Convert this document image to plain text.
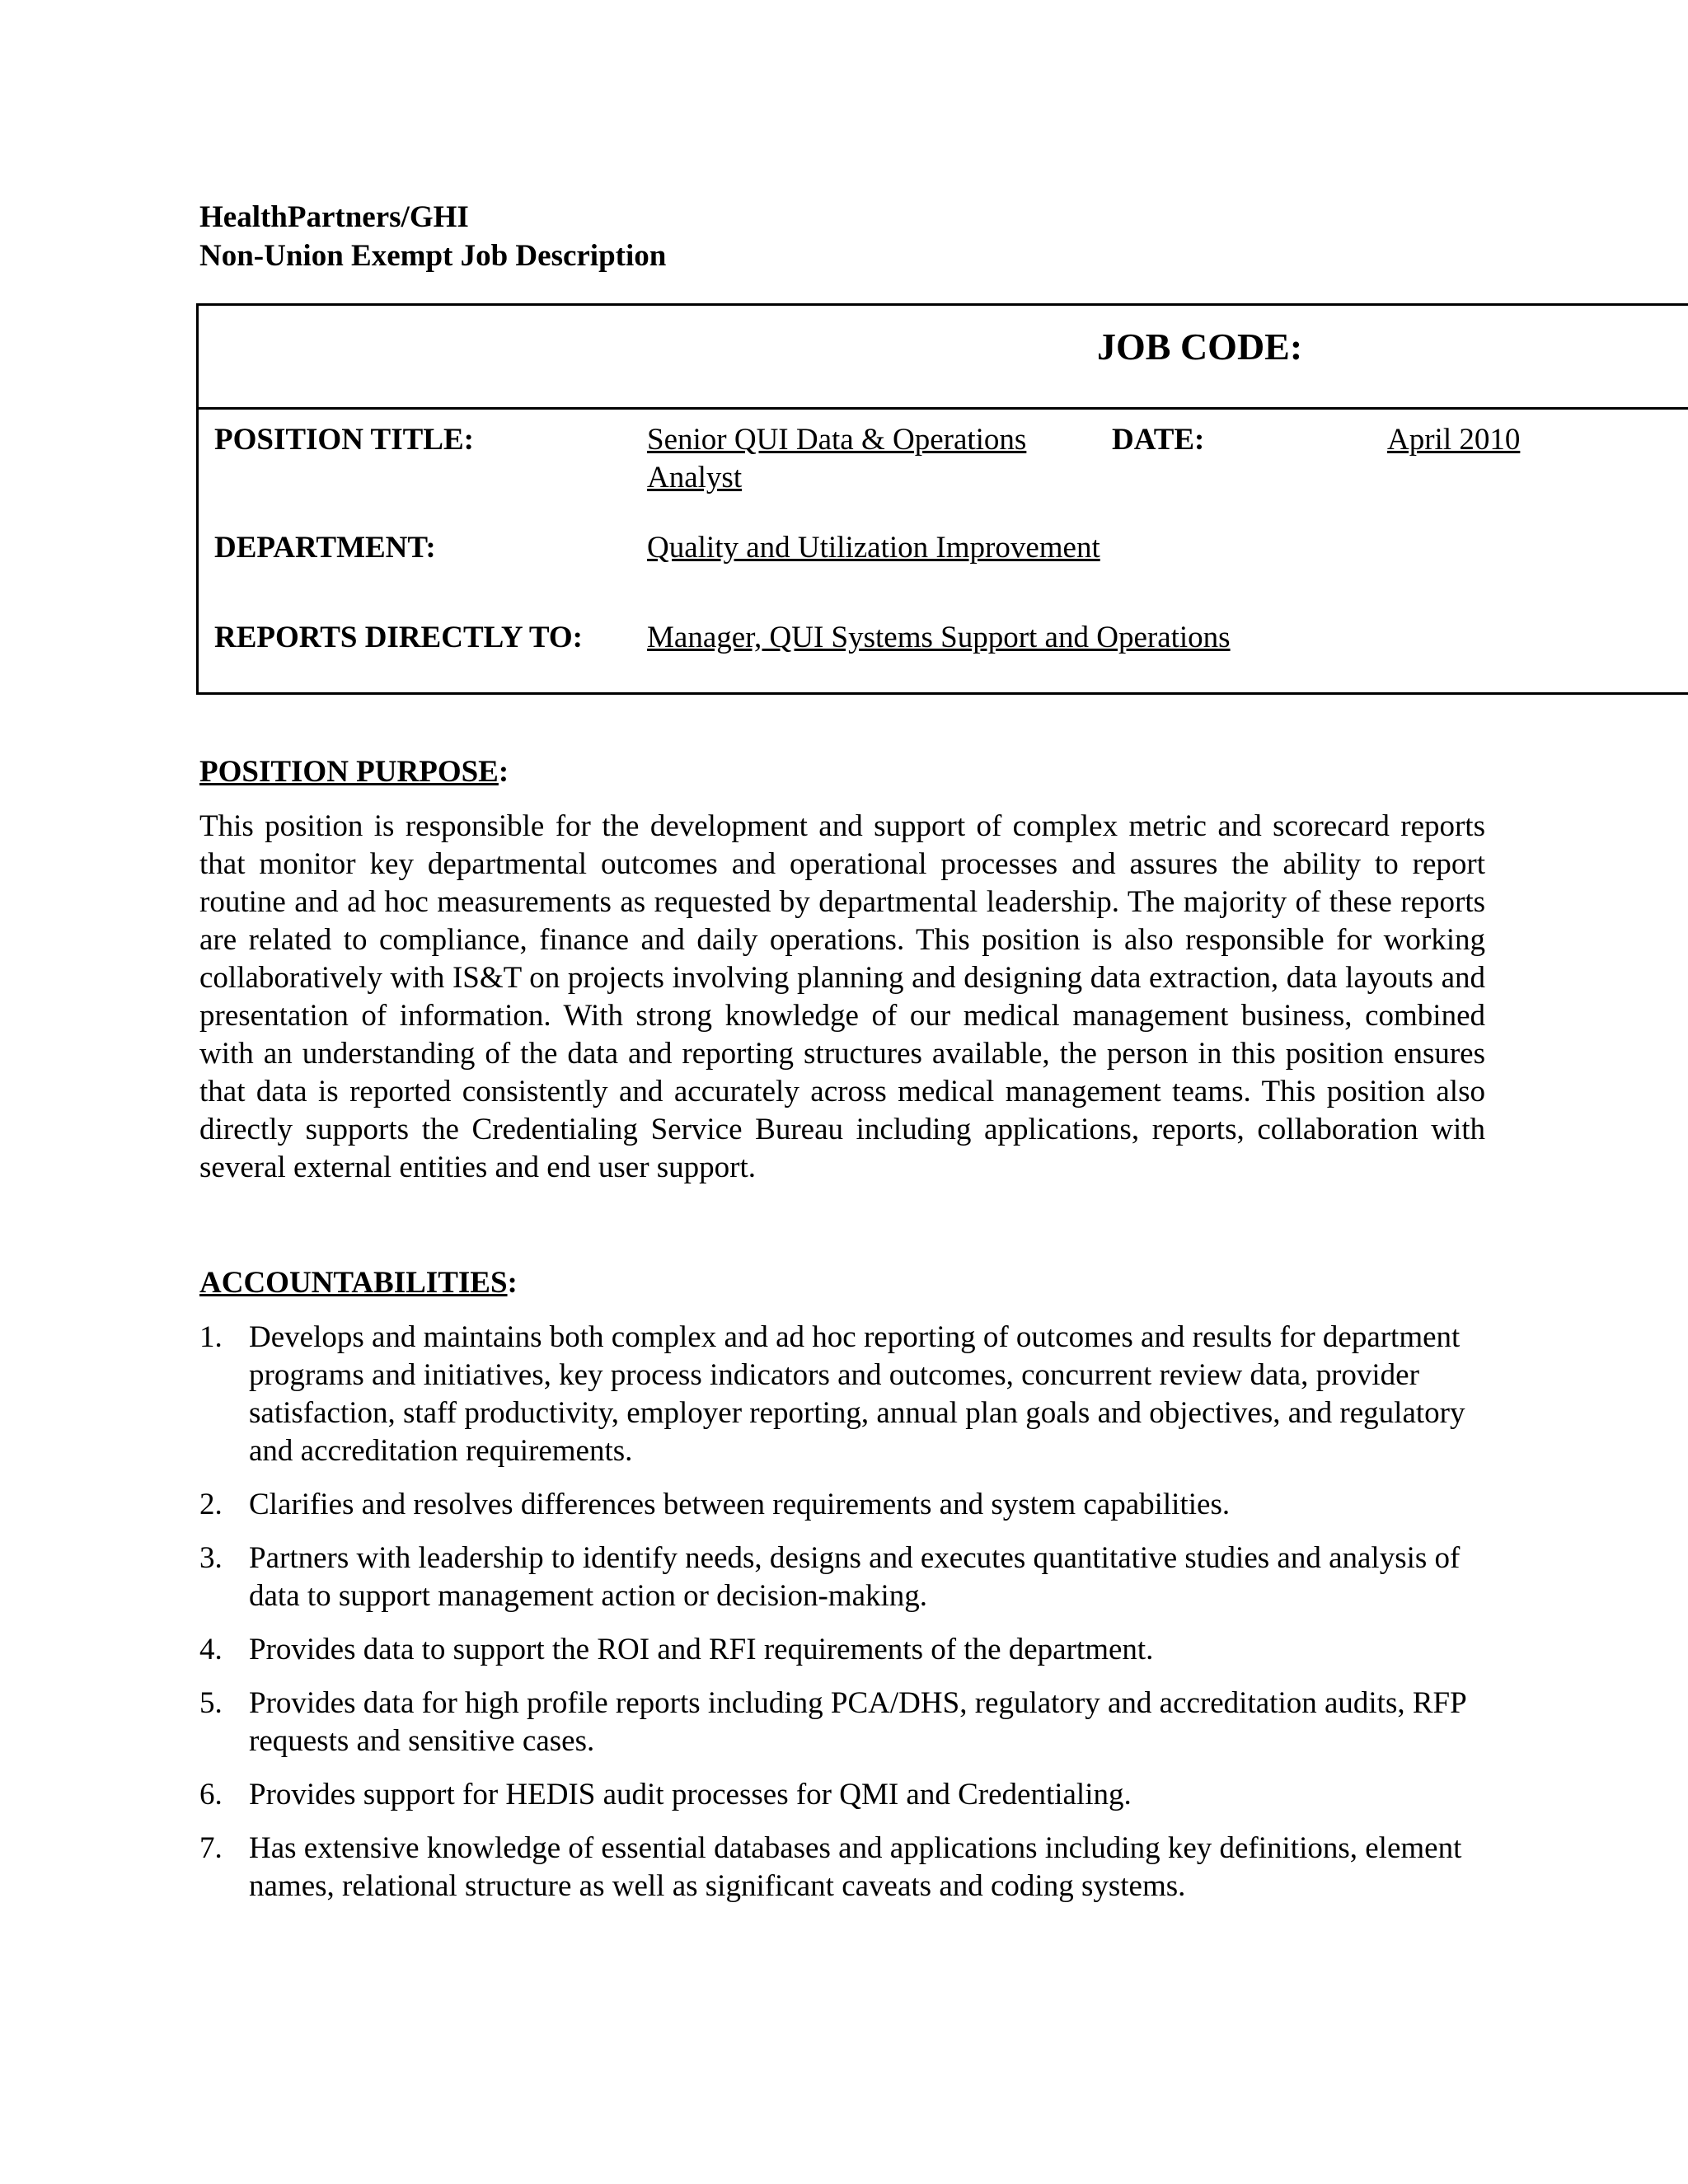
HealthPartners/GHI
Non-Union Exempt Job Description
JOB CODE:
POSITION TITLE:	Senior QUI Data & Operations Analyst
DATE:	April 2010
DEPARTMENT:	Quality and Utilization Improvement
REPORTS DIRECTLY TO: Manager, QUI Systems Support and Operations
POSITION PURPOSE:
This position is responsible for the development and support of complex metric and scorecard reports that monitor key departmental outcomes and operational processes and assures the ability to report routine and ad hoc measurements as requested by departmental leadership. The majority of these reports are related to compliance, finance and daily operations. This position is also responsible for working collaboratively with IS&T on projects involving planning and designing data extraction, data layouts and presentation of information. With strong knowledge of our medical management business, combined with an understanding of the data and reporting structures available, the person in this position ensures that data is reported consistently and accurately across medical management teams. This position also directly supports the Credentialing Service Bureau including applications, reports, collaboration with several external entities and end user support.
ACCOUNTABILITIES:
1. Develops and maintains both complex and ad hoc reporting of outcomes and results for department programs and initiatives, key process indicators and outcomes, concurrent review data, provider satisfaction, staff productivity, employer reporting, annual plan goals and objectives, and regulatory and accreditation requirements.
2. Clarifies and resolves differences between requirements and system capabilities.
3. Partners with leadership to identify needs, designs and executes quantitative studies and analysis of data to support management action or decision-making.
4. Provides data to support the ROI and RFI requirements of the department.
5. Provides data for high profile reports including PCA/DHS, regulatory and accreditation audits, RFP requests and sensitive cases.
6. Provides support for HEDIS audit processes for QMI and Credentialing.
7. Has extensive knowledge of essential databases and applications including key definitions, element names, relational structure as well as significant caveats and coding systems.
